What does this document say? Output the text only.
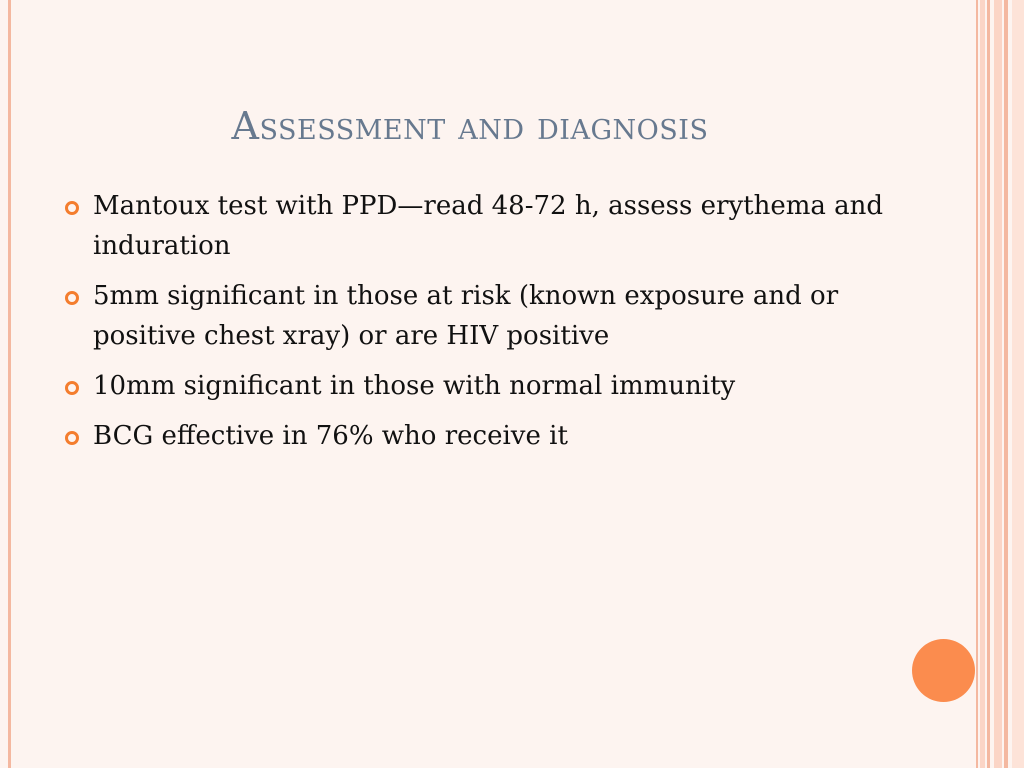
Assessment and diagnosis
Mantoux test with PPD—read 48-72 h, assess erythema and induration
5mm significant in those at risk (known exposure and or positive chest xray) or are HIV positive
10mm significant in those with normal immunity
BCG effective in 76% who receive it
